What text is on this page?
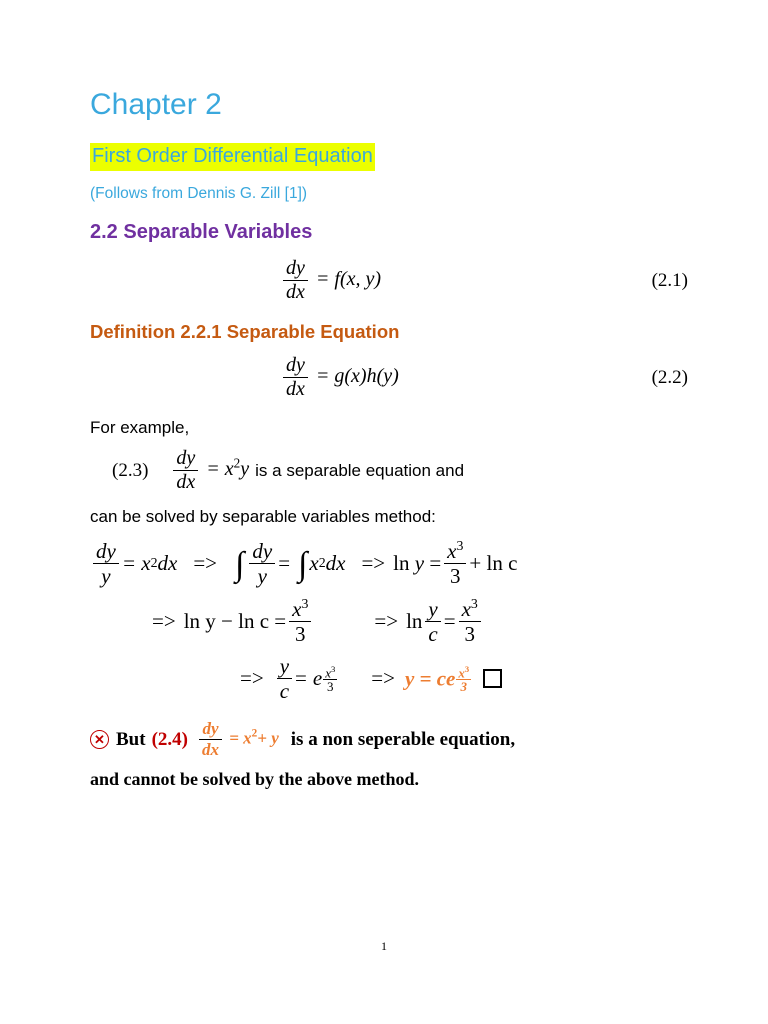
Chapter 2
First Order Differential Equation
(Follows from Dennis G. Zill [1])
2.2 Separable Variables
$\frac{dy}{dx} = f(x$, y)	(2.1)
Definition 2.2.1 Separable Equation
$\frac{dy}{dx} = g(x)h(y)$	(2.2)
For example,
$(2.3) \frac{dy}{dx} = x^2y$ is a separable equation and
can be solved by separable variables method:
$\frac{dy}{y} = x$ 2 dx => ∫ $\frac{dy}{y}$ = ∫ x 2 dx => $\ln y = \frac{x^3}{3} + \ln c$
=> $\ln y - \ln c = \frac{x^3}{3}$	=> $\ln \frac{y}{c} = \frac{x^3}{3}$
=> $\frac{y}{c} = e \frac{x^3}{3} => y$ = ce $\frac{x^3}{3}$
✕ But $(2.4) \frac{dy}{dx} = x^2+ y$ is a non seperable equation,
and cannot be solved by the above method.
1
